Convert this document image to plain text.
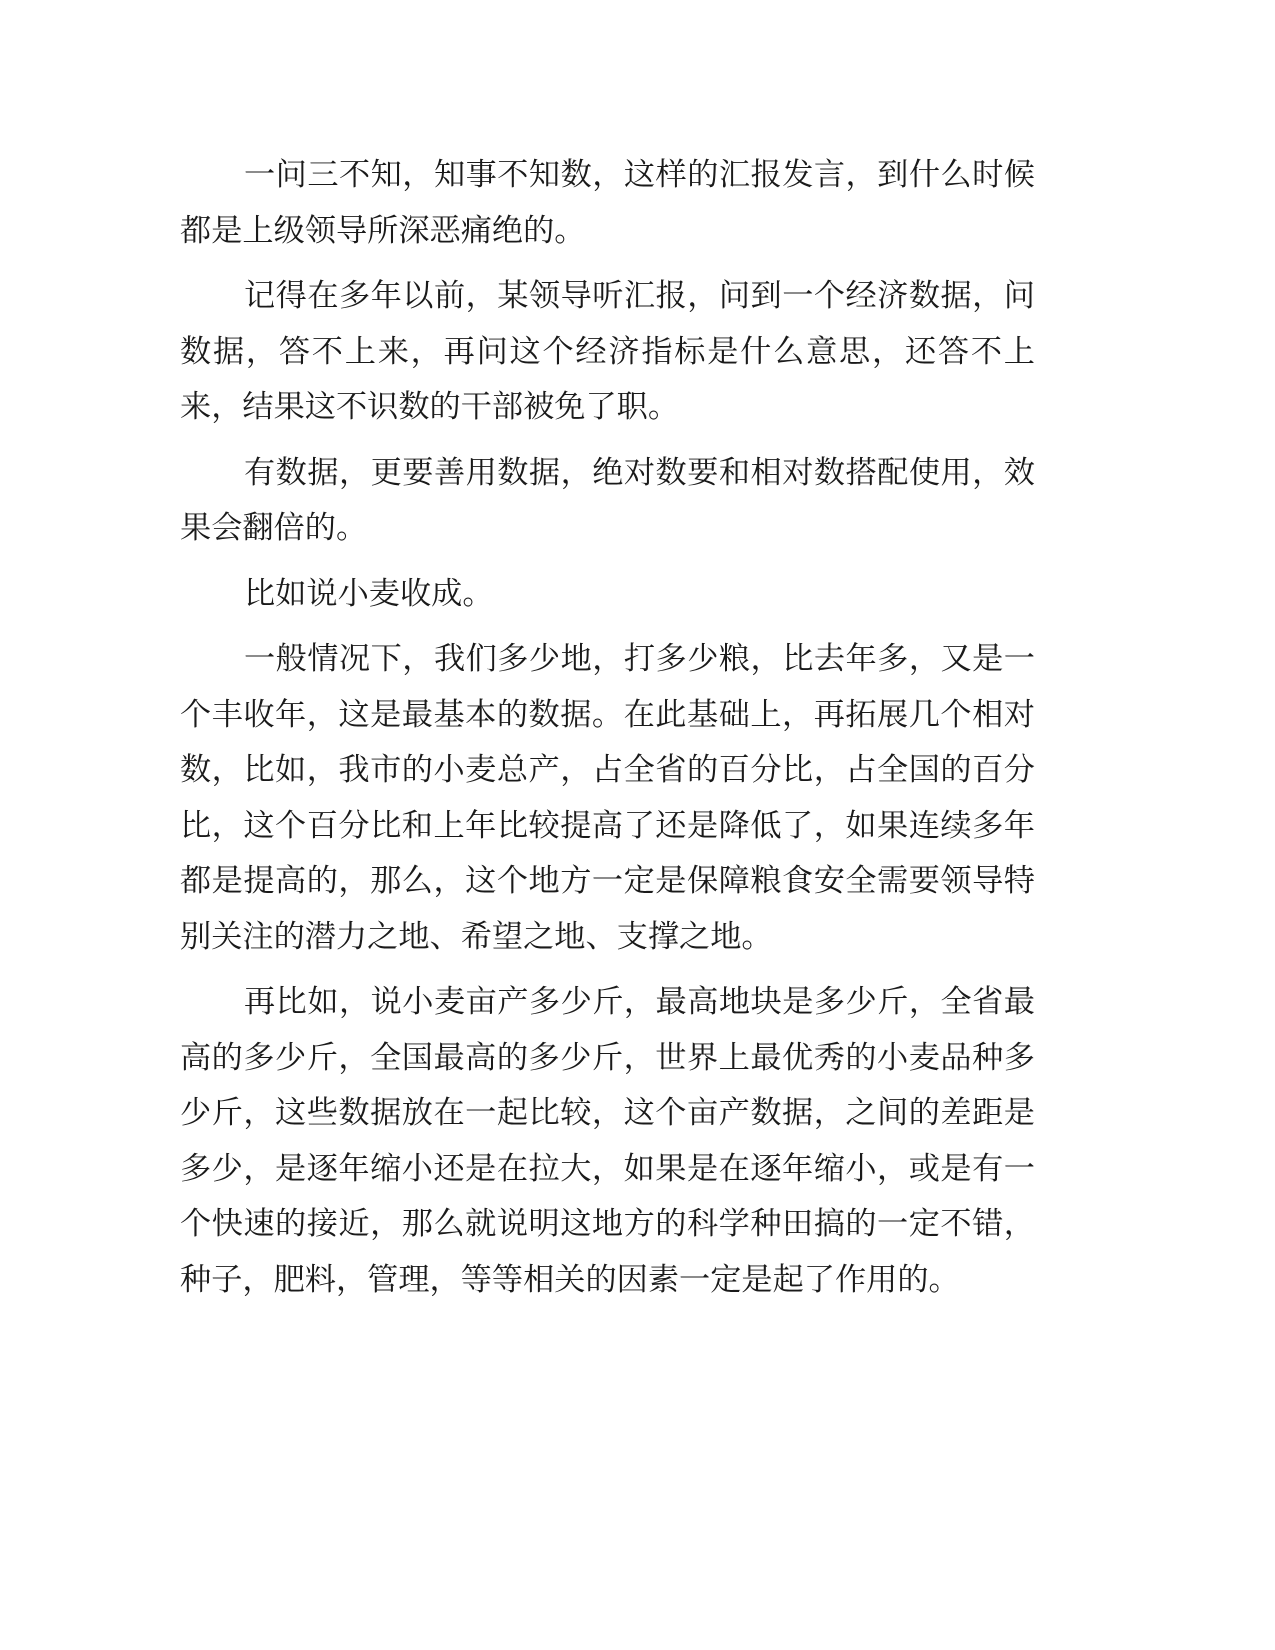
一问三不知，知事不知数，这样的汇报发言，到什么时候都是上级领导所深恶痛绝的。

记得在多年以前，某领导听汇报，问到一个经济数据，问数据，答不上来，再问这个经济指标是什么意思，还答不上来，结果这不识数的干部被免了职。

有数据，更要善用数据，绝对数要和相对数搭配使用，效果会翻倍的。

比如说小麦收成。

一般情况下，我们多少地，打多少粮，比去年多，又是一个丰收年，这是最基本的数据。在此基础上，再拓展几个相对数，比如，我市的小麦总产，占全省的百分比，占全国的百分比，这个百分比和上年比较提高了还是降低了，如果连续多年都是提高的，那么，这个地方一定是保障粮食安全需要领导特别关注的潜力之地、希望之地、支撑之地。

再比如，说小麦亩产多少斤，最高地块是多少斤，全省最高的多少斤，全国最高的多少斤，世界上最优秀的小麦品种多少斤，这些数据放在一起比较，这个亩产数据，之间的差距是多少，是逐年缩小还是在拉大，如果是在逐年缩小，或是有一个快速的接近，那么就说明这地方的科学种田搞的一定不错，种子，肥料，管理，等等相关的因素一定是起了作用的。
